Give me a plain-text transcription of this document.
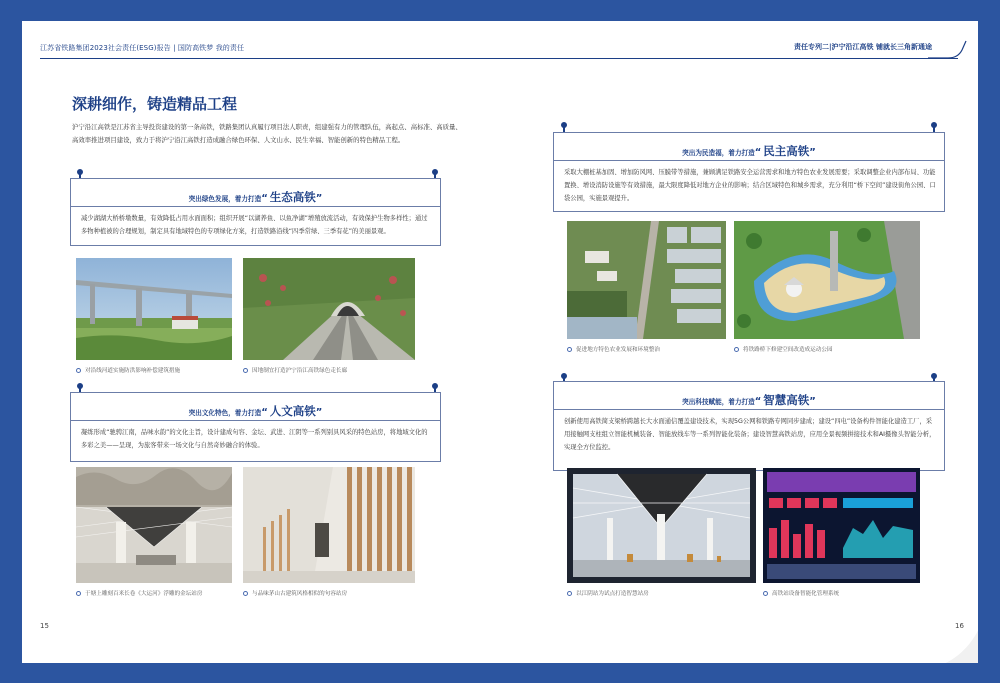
江苏省铁路集团2023社会责任(ESG)报告 | 国防高铁梦 我的责任	责任专列二|沪宁沿江高铁 铺就长三角新通途
深耕细作，铸造精品工程
沪宁沿江高铁是江苏省主导投资建设的第一条高铁，铁路集团认真履行项目法人职责，组建强有力的管理队伍，高起点、高标准、高质量、高效率推进项目建设，致力于将沪宁沿江高铁打造成融合绿色环保、人文山水、民生幸福、智能创新的特色精品工程。
突出绿色发展，着力打造“ 生态高铁”
减少湖湖大桥桥墩数量，有效降低占用水面面积；组织开展“以湖养鱼、以鱼净湖”增殖放流活动，有效保护生物多样性；通过多物种植被的合理规划，制定具有地域特色的专项绿化方案，打造铁路沿线“四季常绿、三季有花”的美丽景观。
对沿线河道实施防洪影响补偿建筑措施	因地制宜打造沪宁沿江高铁绿色走长廊
突出文化特色，着力打造“ 人文高铁”
凝练形成“驰骋江南，品味水韵”的文化主旨，设计建成句容、金坛、武进、江阴等一系列别具风采的特色站房，将地域文化的多彩之美——呈现，为旅客带来一场文化与自然奇妙融合的体验。
于塘上雕刻百米长卷《大运河》浮雕的金坛站房	与品味茅山古建筑风格相似的句容站房
突出为民造福，着力打造“ 民主高铁”
采取大棚桩基加固、增加防风网、压膜带等措施，兼顾满足铁路安全运营需求和地方特色农业发展需要；采取调整企业内部布局、功能置换、增设消防设施等有效措施，最大限度降低对地方企业的影响；结合区域特色和城乡需求，充分利用“桥下空间”建设街角公园、口袋公园，实施景观提升。
促进地方特色农业发展和环境整治	将铁路桥下修建空间改造成运动公园
突出科技赋能，着力打造“ 智慧高铁”
创新使用高铁简支梁桥跨越长大水面通信覆盖建设技术，实现5G公网和铁路专网同步建成；建设“四电”设备构件智能化建造工厂，采用接触网支柱组立智能机械装备、智能放线车等一系列智能化装备；建设智慧高铁站房，应用全景视频拼接技术和AI摄像头智能分析，实现全方位监控。
以江阴站为试点打造智慧站房	高铁站设备智能化管理系统
15	16
